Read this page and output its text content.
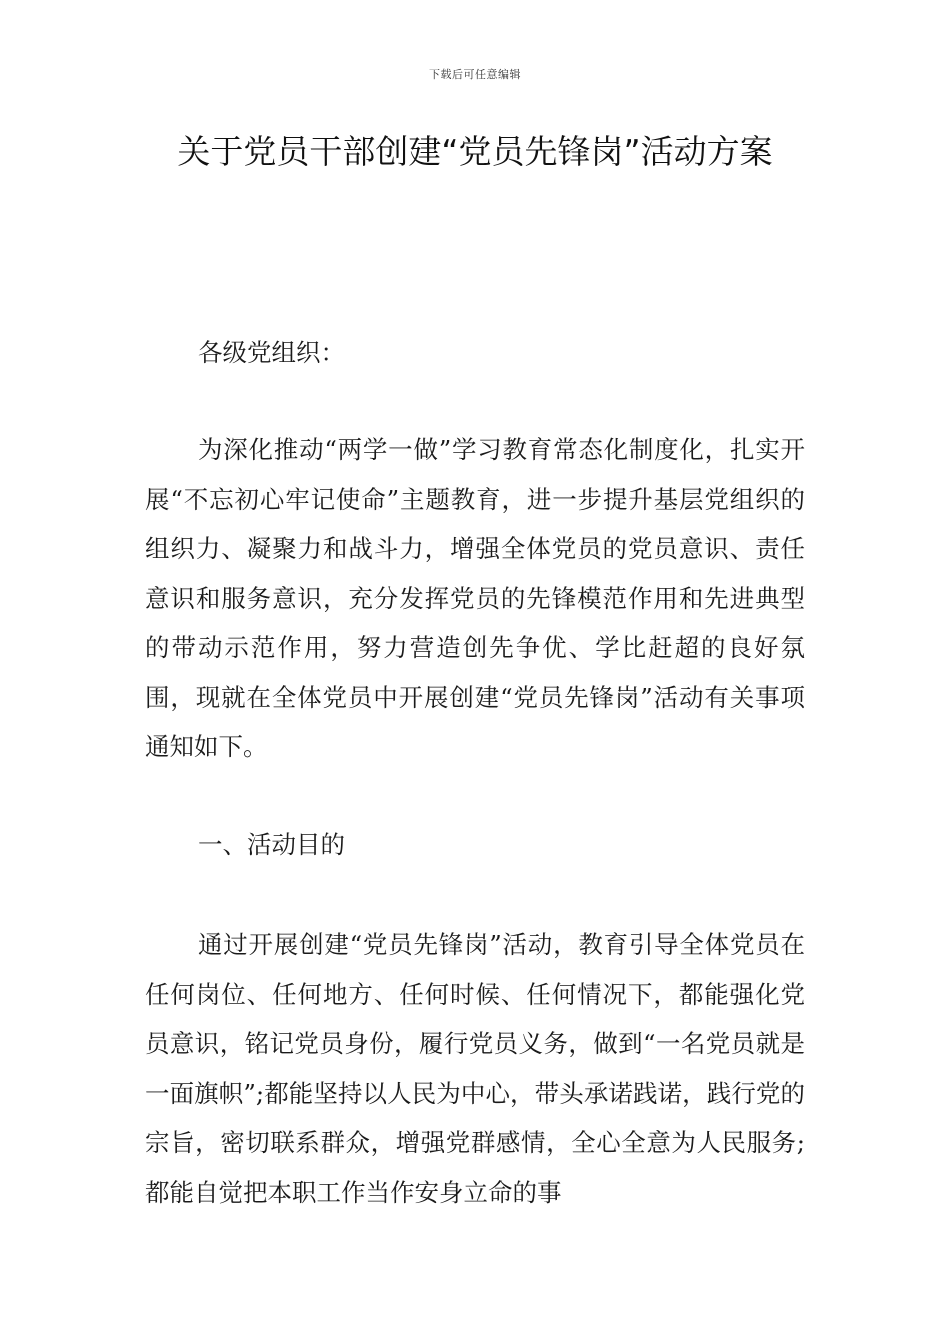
下载后可任意编辑
关于党员干部创建“党员先锋岗”活动方案

各级党组织：

为深化推动“两学一做”学习教育常态化制度化，扎实开展“不忘初心牢记使命”主题教育，进一步提升基层党组织的组织力、凝聚力和战斗力，增强全体党员的党员意识、责任意识和服务意识，充分发挥党员的先锋模范作用和先进典型的带动示范作用，努力营造创先争优、学比赶超的良好氛围，现就在全体党员中开展创建“党员先锋岗”活动有关事项通知如下。

一、活动目的

通过开展创建“党员先锋岗”活动，教育引导全体党员在任何岗位、任何地方、任何时候、任何情况下，都能强化党员意识，铭记党员身份，履行党员义务，做到“一名党员就是一面旗帜”;都能坚持以人民为中心，带头承诺践诺，践行党的宗旨，密切联系群众，增强党群感情，全心全意为人民服务;都能自觉把本职工作当作安身立命的事
